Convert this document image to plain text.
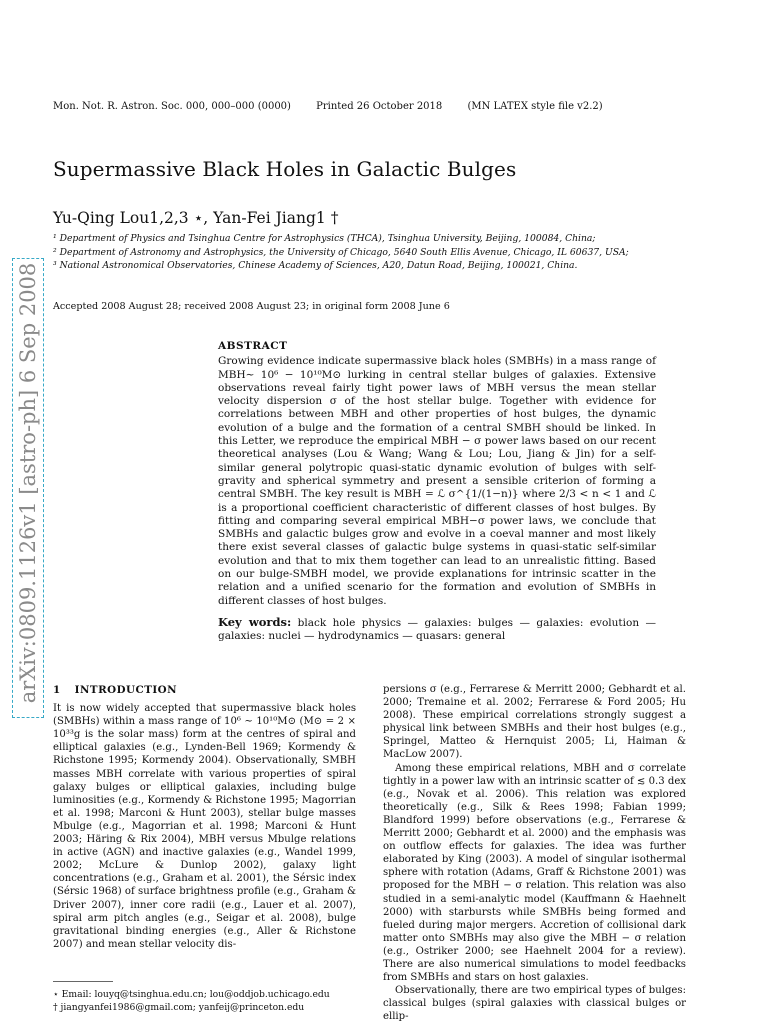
Mon. Not. R. Astron. Soc. 000, 000–000 (0000)	Printed 26 October 2018	(MN LATEX style file v2.2)
Supermassive Black Holes in Galactic Bulges
Yu-Qing Lou1,2,3 ⋆, Yan-Fei Jiang1 †
¹ Department of Physics and Tsinghua Centre for Astrophysics (THCA), Tsinghua University, Beijing, 100084, China;
² Department of Astronomy and Astrophysics, the University of Chicago, 5640 South Ellis Avenue, Chicago, IL 60637, USA;
³ National Astronomical Observatories, Chinese Academy of Sciences, A20, Datun Road, Beijing, 100021, China.
arXiv:0809.1126v1 [astro-ph] 6 Sep 2008 Accepted 2008 August 28; received 2008 August 23; in original form 2008 June 6
ABSTRACT

Growing evidence indicate supermassive black holes (SMBHs) in a mass range of MBH∼ 10⁶ − 10¹⁰M⊙ lurking in central stellar bulges of galaxies. Extensive observations reveal fairly tight power laws of MBH versus the mean stellar velocity dispersion σ of the host stellar bulge. Together with evidence for correlations between MBH and other properties of host bulges, the dynamic evolution of a bulge and the formation of a central SMBH should be linked. In this Letter, we reproduce the empirical MBH − σ power laws based on our recent theoretical analyses (Lou & Wang; Wang & Lou; Lou, Jiang & Jin) for a self-similar general polytropic quasi-static dynamic evolution of bulges with self-gravity and spherical symmetry and present a sensible criterion of forming a central SMBH. The key result is MBH = ℒ σ^{1/(1−n)} where 2/3 < n < 1 and ℒ is a proportional coefficient characteristic of different classes of host bulges. By fitting and comparing several empirical MBH−σ power laws, we conclude that SMBHs and galactic bulges grow and evolve in a coeval manner and most likely there exist several classes of galactic bulge systems in quasi-static self-similar evolution and that to mix them together can lead to an unrealistic fitting. Based on our bulge-SMBH model, we provide explanations for intrinsic scatter in the relation and a unified scenario for the formation and evolution of SMBHs in different classes of host bulges.

Key words: black hole physics — galaxies: bulges — galaxies: evolution — galaxies: nuclei — hydrodynamics — quasars: general

1 INTRODUCTION

It is now widely accepted that supermassive black holes (SMBHs) within a mass range of 10⁶ ∼ 10¹⁰M⊙ (M⊙ = 2 × 10³³g is the solar mass) form at the centres of spiral and elliptical galaxies (e.g., Lynden-Bell 1969; Kormendy & Richstone 1995; Kormendy 2004). Observationally, SMBH masses MBH correlate with various properties of spiral galaxy bulges or elliptical galaxies, including bulge luminosities (e.g., Kormendy & Richstone 1995; Magorrian et al. 1998; Marconi & Hunt 2003), stellar bulge masses Mbulge (e.g., Magorrian et al. 1998; Marconi & Hunt 2003; Häring & Rix 2004), MBH versus Mbulge relations in active (AGN) and inactive galaxies (e.g., Wandel 1999, 2002; McLure & Dunlop 2002), galaxy light concentrations (e.g., Graham et al. 2001), the Sérsic index (Sérsic 1968) of surface brightness profile (e.g., Graham & Driver 2007), inner core radii (e.g., Lauer et al. 2007), spiral arm pitch angles (e.g., Seigar et al. 2008), bulge gravitational binding energies (e.g., Aller & Richstone 2007) and mean stellar velocity dis-

persions σ (e.g., Ferrarese & Merritt 2000; Gebhardt et al. 2000; Tremaine et al. 2002; Ferrarese & Ford 2005; Hu 2008). These empirical correlations strongly suggest a physical link between SMBHs and their host bulges (e.g., Springel, Matteo & Hernquist 2005; Li, Haiman & MacLow 2007).

Among these empirical relations, MBH and σ correlate tightly in a power law with an intrinsic scatter of ≲ 0.3 dex (e.g., Novak et al. 2006). This relation was explored theoretically (e.g., Silk & Rees 1998; Fabian 1999; Blandford 1999) before observations (e.g., Ferrarese & Merritt 2000; Gebhardt et al. 2000) and the emphasis was on outflow effects for galaxies. The idea was further elaborated by King (2003). A model of singular isothermal sphere with rotation (Adams, Graff & Richstone 2001) was proposed for the MBH − σ relation. This relation was also studied in a semi-analytic model (Kauffmann & Haehnelt 2000) with starbursts while SMBHs being formed and fueled during major mergers. Accretion of collisional dark matter onto SMBHs may also give the MBH − σ relation (e.g., Ostriker 2000; see Haehnelt 2004 for a review). There are also numerical simulations to model feedbacks from SMBHs and stars on host galaxies.

Observationally, there are two empirical types of bulges: classical bulges (spiral galaxies with classical bulges or ellip-

⋆ Email: louyq@tsinghua.edu.cn; lou@oddjob.uchicago.edu
† jiangyanfei1986@gmail.com; yanfeij@princeton.edu
